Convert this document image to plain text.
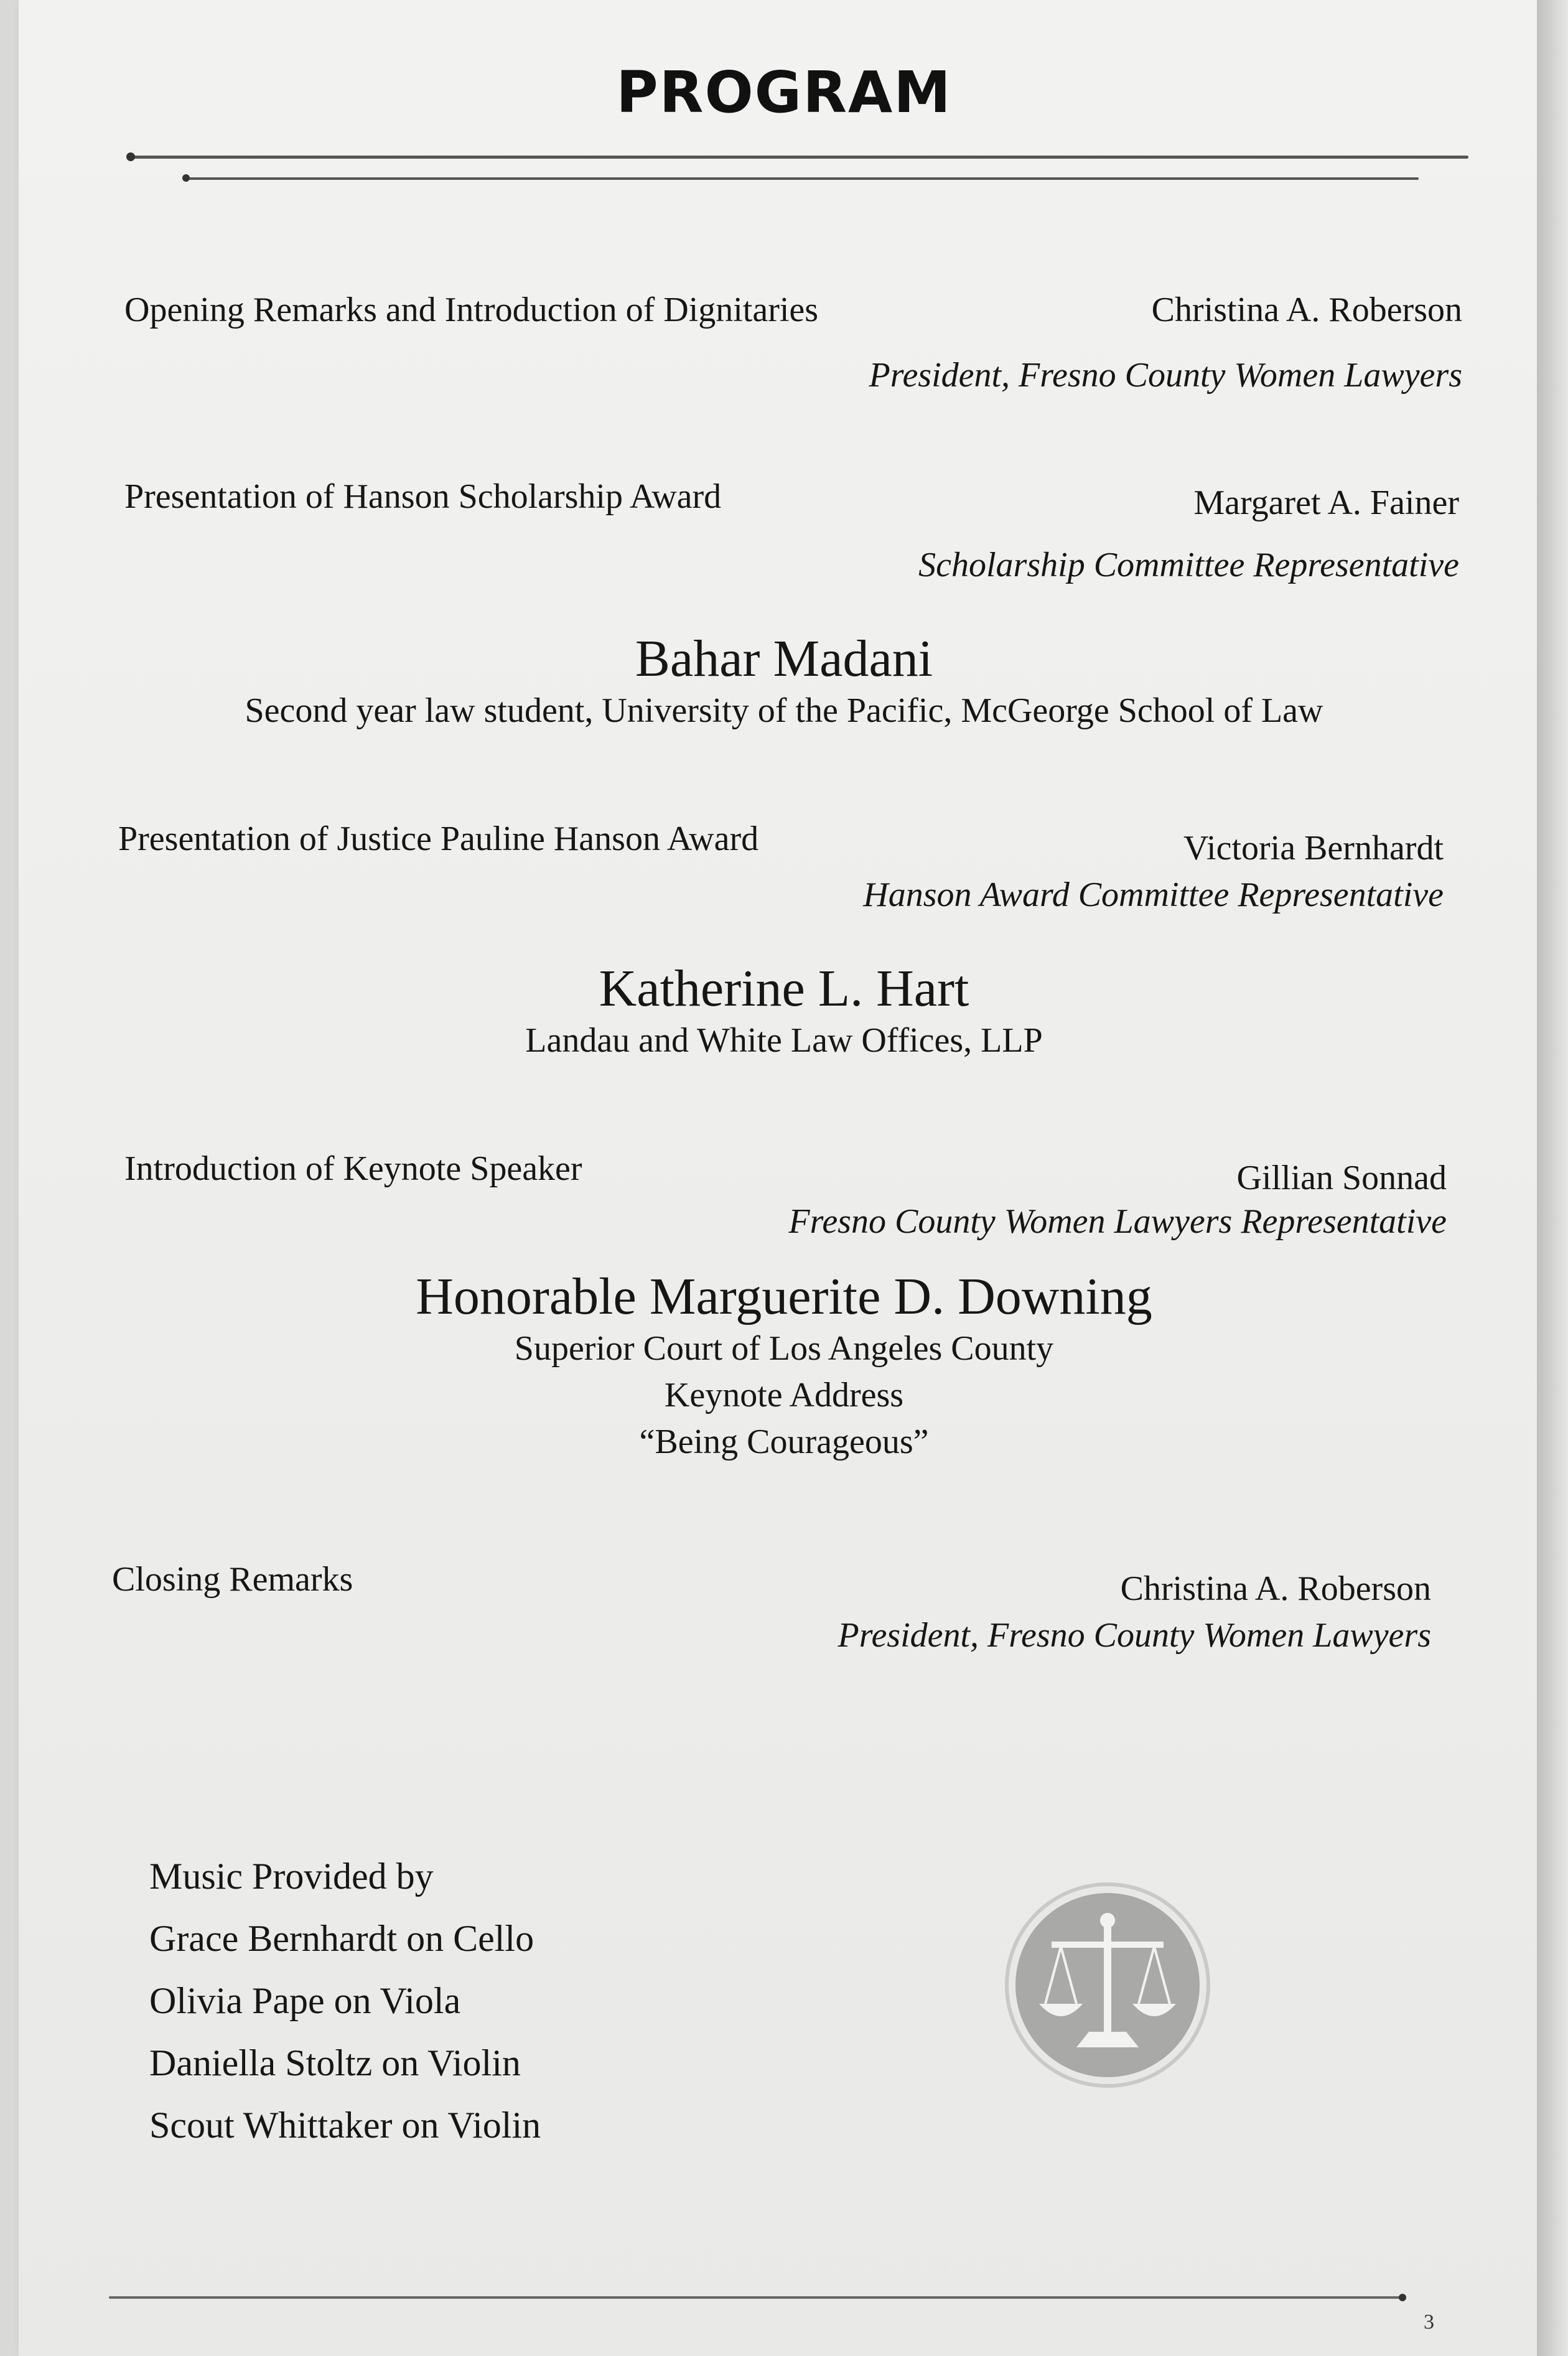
PROGRAM
Opening Remarks and Introduction of Dignitaries	Christina A. Roberson
President, Fresno County Women Lawyers
Presentation of Hanson Scholarship Award	Margaret A. Fainer
Scholarship Committee Representative
Bahar Madani
Second year law student, University of the Pacific, McGeorge School of Law
Presentation of Justice Pauline Hanson Award	Victoria Bernhardt
Hanson Award Committee Representative
Katherine L. Hart
Landau and White Law Offices, LLP
Introduction of Keynote Speaker	Gillian Sonnad
Fresno County Women Lawyers Representative
Honorable Marguerite D. Downing
Superior Court of Los Angeles County
Keynote Address
“Being Courageous”
Closing Remarks	Christina A. Roberson
President, Fresno County Women Lawyers
Music Provided by
Grace Bernhardt on Cello
Olivia Pape on Viola
Daniella Stoltz on Violin
Scout Whittaker on Violin
3
